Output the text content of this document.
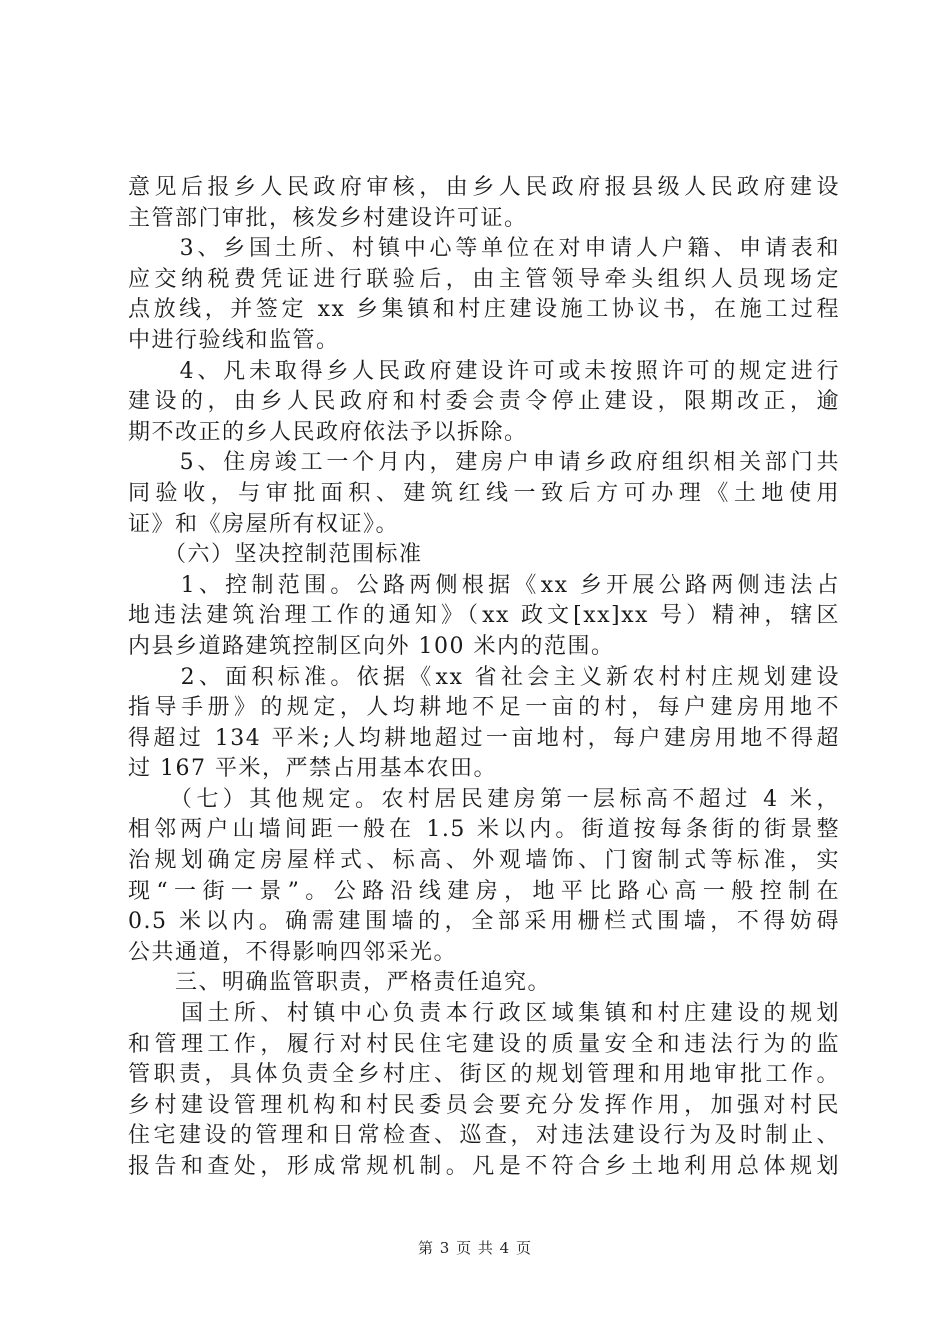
意见后报乡人民政府审核，由乡人民政府报县级人民政府建设
主管部门审批，核发乡村建设许可证。
　　3、乡国土所、村镇中心等单位在对申请人户籍、申请表和
应交纳税费凭证进行联验后，由主管领导牵头组织人员现场定
点放线，并签定 xx 乡集镇和村庄建设施工协议书，在施工过程
中进行验线和监管。
　　4、凡未取得乡人民政府建设许可或未按照许可的规定进行
建设的，由乡人民政府和村委会责令停止建设，限期改正，逾
期不改正的乡人民政府依法予以拆除。
　　5、住房竣工一个月内，建房户申请乡政府组织相关部门共
同验收，与审批面积、建筑红线一致后方可办理《土地使用
证》和《房屋所有权证》。
　　（六）坚决控制范围标准
　　1、控制范围。公路两侧根据《xx 乡开展公路两侧违法占
地违法建筑治理工作的通知》（xx 政文[xx]xx 号）精神，辖区
内县乡道路建筑控制区向外 100 米内的范围。
　　2、面积标准。依据《xx 省社会主义新农村村庄规划建设
指导手册》的规定，人均耕地不足一亩的村，每户建房用地不
得超过 134 平米;人均耕地超过一亩地村，每户建房用地不得超
过 167 平米，严禁占用基本农田。
　　（七）其他规定。农村居民建房第一层标高不超过 4 米，
相邻两户山墙间距一般在 1.5 米以内。街道按每条街的街景整
治规划确定房屋样式、标高、外观墙饰、门窗制式等标准，实
现“一街一景”。公路沿线建房，地平比路心高一般控制在
0.5 米以内。确需建围墙的，全部采用栅栏式围墙，不得妨碍
公共通道，不得影响四邻采光。
　　三、明确监管职责，严格责任追究。
　　国土所、村镇中心负责本行政区域集镇和村庄建设的规划
和管理工作，履行对村民住宅建设的质量安全和违法行为的监
管职责，具体负责全乡村庄、街区的规划管理和用地审批工作。
乡村建设管理机构和村民委员会要充分发挥作用，加强对村民
住宅建设的管理和日常检查、巡查，对违法建设行为及时制止、
报告和查处，形成常规机制。凡是不符合乡土地利用总体规划
第 3 页 共 4 页
